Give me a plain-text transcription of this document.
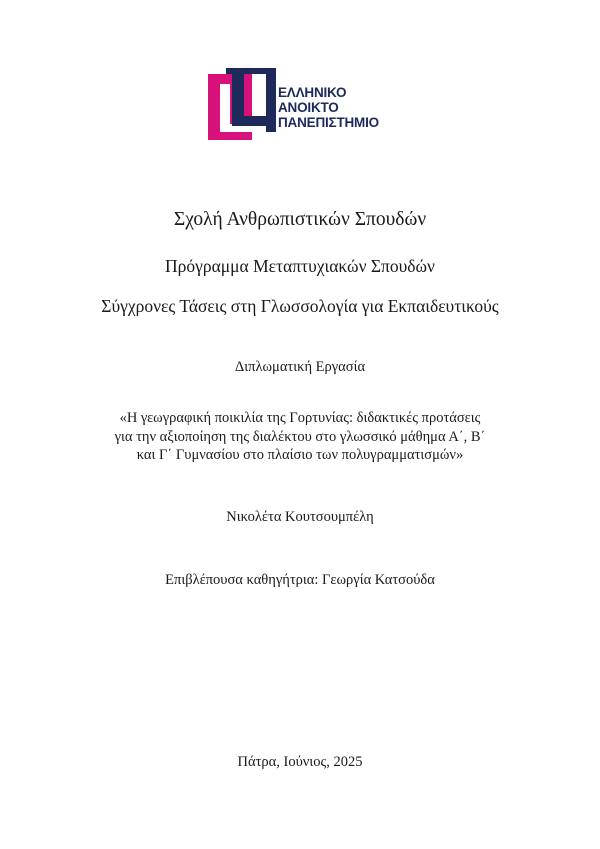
ΕΛΛΗΝΙΚΟ
ΑΝΟΙΚΤΟ
ΠΑΝΕΠΙΣΤΗΜΙΟ
Σχολή Ανθρωπιστικών Σπουδών
Πρόγραμμα Μεταπτυχιακών Σπουδών
Σύγχρονες Τάσεις στη Γλωσσολογία για Εκπαιδευτικούς
Διπλωματική Εργασία
«Η γεωγραφική ποικιλία της Γορτυνίας: διδακτικές προτάσεις
για την αξιοποίηση της διαλέκτου στο γλωσσικό μάθημα Α΄, Β΄
και Γ΄ Γυμνασίου στο πλαίσιο των πολυγραμματισμών»
Νικολέτα Κουτσουμπέλη
Επιβλέπουσα καθηγήτρια: Γεωργία Κατσούδα
Πάτρα, Ιούνιος, 2025
